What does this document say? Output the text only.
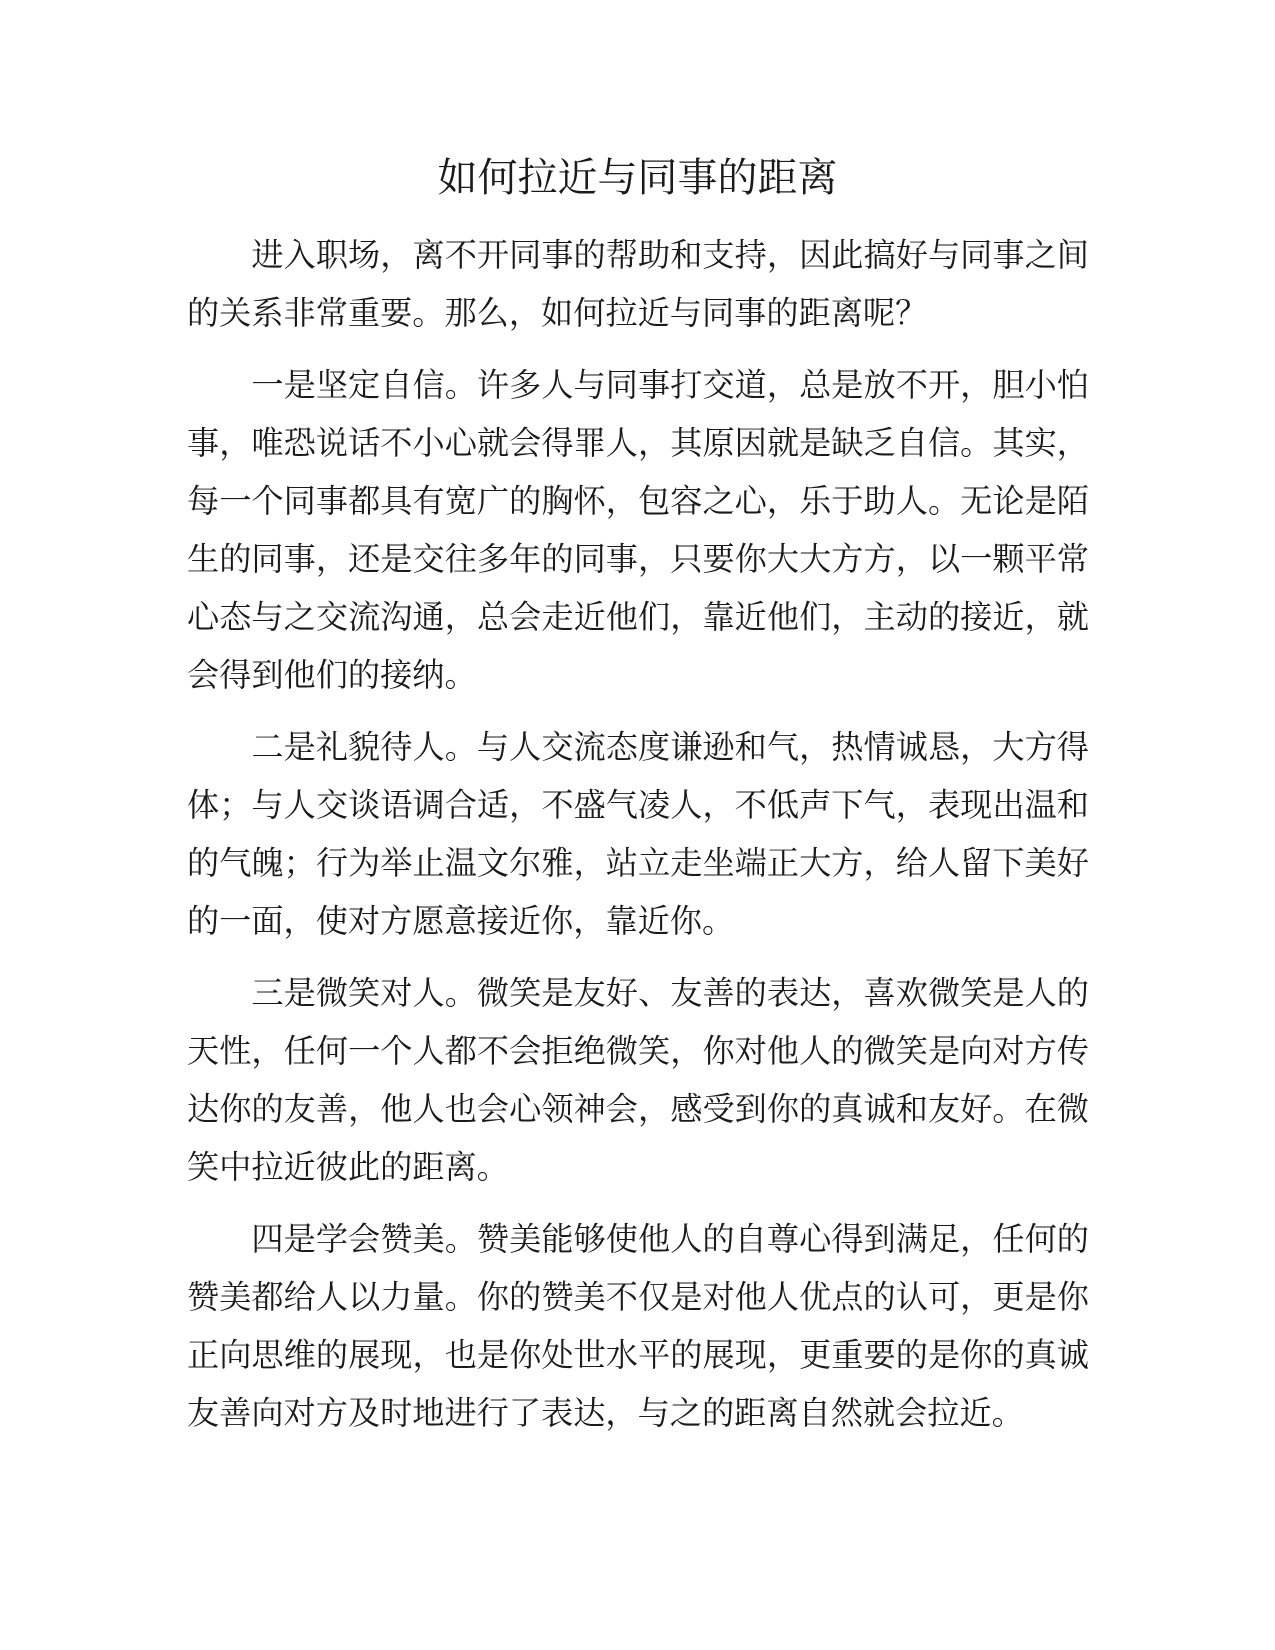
如何拉近与同事的距离

进入职场，离不开同事的帮助和支持，因此搞好与同事之间的关系非常重要。那么，如何拉近与同事的距离呢？

一是坚定自信。许多人与同事打交道，总是放不开，胆小怕事，唯恐说话不小心就会得罪人，其原因就是缺乏自信。其实，每一个同事都具有宽广的胸怀，包容之心，乐于助人。无论是陌生的同事，还是交往多年的同事，只要你大大方方，以一颗平常心态与之交流沟通，总会走近他们，靠近他们，主动的接近，就会得到他们的接纳。

二是礼貌待人。与人交流态度谦逊和气，热情诚恳，大方得体；与人交谈语调合适，不盛气凌人，不低声下气，表现出温和的气魄；行为举止温文尔雅，站立走坐端正大方，给人留下美好的一面，使对方愿意接近你，靠近你。

三是微笑对人。微笑是友好、友善的表达，喜欢微笑是人的天性，任何一个人都不会拒绝微笑，你对他人的微笑是向对方传达你的友善，他人也会心领神会，感受到你的真诚和友好。在微笑中拉近彼此的距离。

四是学会赞美。赞美能够使他人的自尊心得到满足，任何的赞美都给人以力量。你的赞美不仅是对他人优点的认可，更是你正向思维的展现，也是你处世水平的展现，更重要的是你的真诚友善向对方及时地进行了表达，与之的距离自然就会拉近。
